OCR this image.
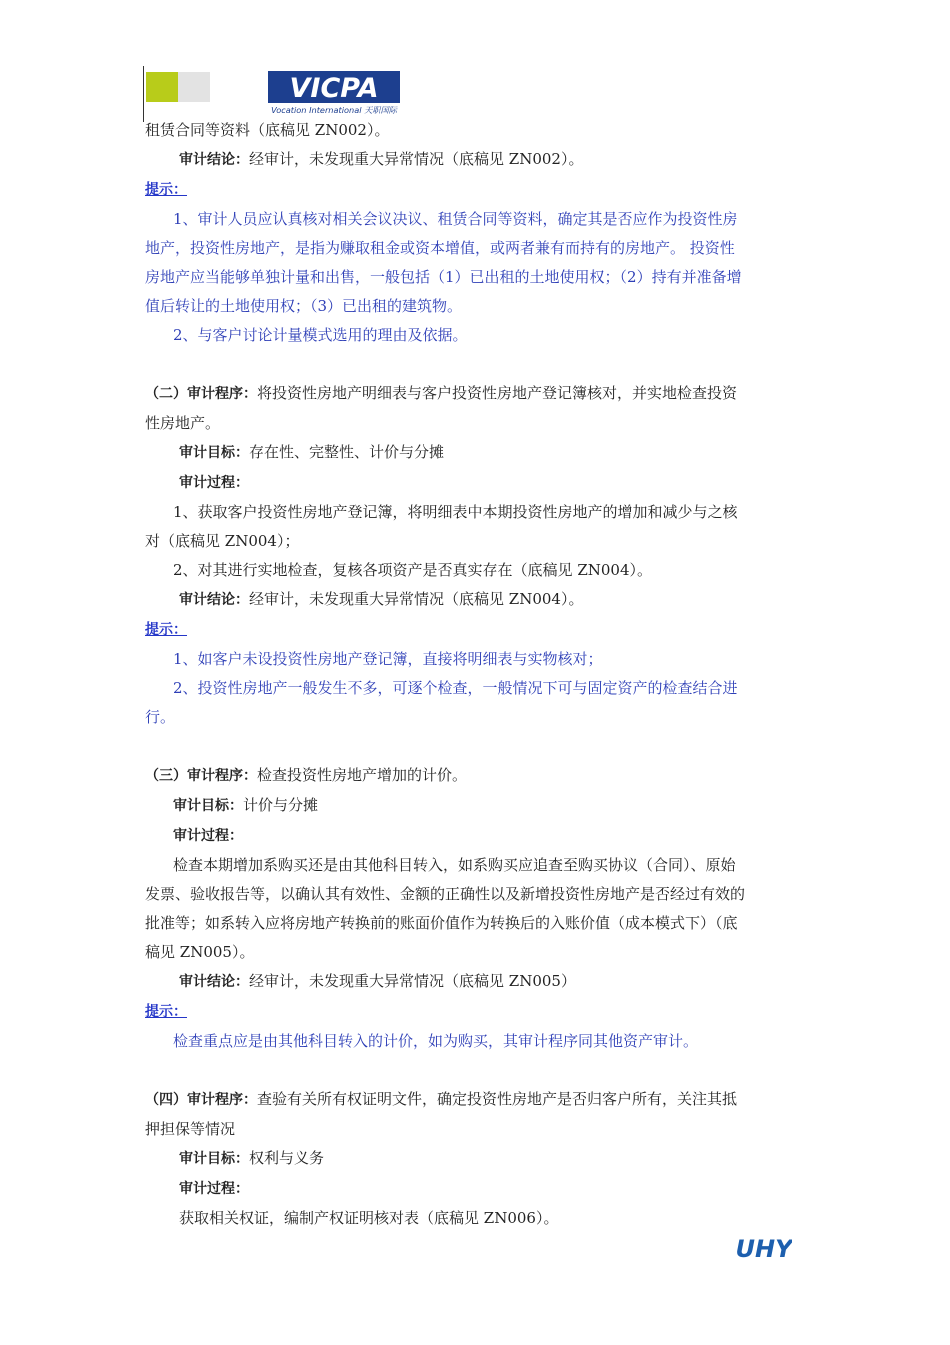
VICPA
Vocation International 天职国际

租赁合同等资料（底稿见 ZN002）。

审计结论：经审计，未发现重大异常情况（底稿见 ZN002）。

提示：

1、审计人员应认真核对相关会议决议、租赁合同等资料，确定其是否应作为投资性房

地产，投资性房地产，是指为赚取租金或资本增值，或两者兼有而持有的房地产。 投资性

房地产应当能够单独计量和出售，一般包括（1）已出租的土地使用权；（2）持有并准备增

值后转让的土地使用权；（3）已出租的建筑物。

2、与客户讨论计量模式选用的理由及依据。

（二）审计程序：将投资性房地产明细表与客户投资性房地产登记簿核对，并实地检查投资

性房地产。

审计目标：存在性、完整性、计价与分摊

审计过程：

1、获取客户投资性房地产登记簿，将明细表中本期投资性房地产的增加和减少与之核

对（底稿见 ZN004）；

2、对其进行实地检查，复核各项资产是否真实存在（底稿见 ZN004）。

审计结论：经审计，未发现重大异常情况（底稿见 ZN004）。

提示：

1、如客户未设投资性房地产登记簿，直接将明细表与实物核对；

2、投资性房地产一般发生不多，可逐个检查，一般情况下可与固定资产的检查结合进

行。

（三）审计程序：检查投资性房地产增加的计价。

审计目标：计价与分摊

审计过程：

检查本期增加系购买还是由其他科目转入，如系购买应追查至购买协议（合同）、原始

发票、验收报告等，以确认其有效性、金额的正确性以及新增投资性房地产是否经过有效的

批准等；如系转入应将房地产转换前的账面价值作为转换后的入账价值（成本模式下）（底

稿见 ZN005）。

审计结论：经审计，未发现重大异常情况（底稿见 ZN005）

提示：

检查重点应是由其他科目转入的计价，如为购买，其审计程序同其他资产审计。

（四）审计程序：查验有关所有权证明文件，确定投资性房地产是否归客户所有，关注其抵

押担保等情况

审计目标：权利与义务

审计过程：

获取相关权证，编制产权证明核对表（底稿见 ZN006）。

UHY
